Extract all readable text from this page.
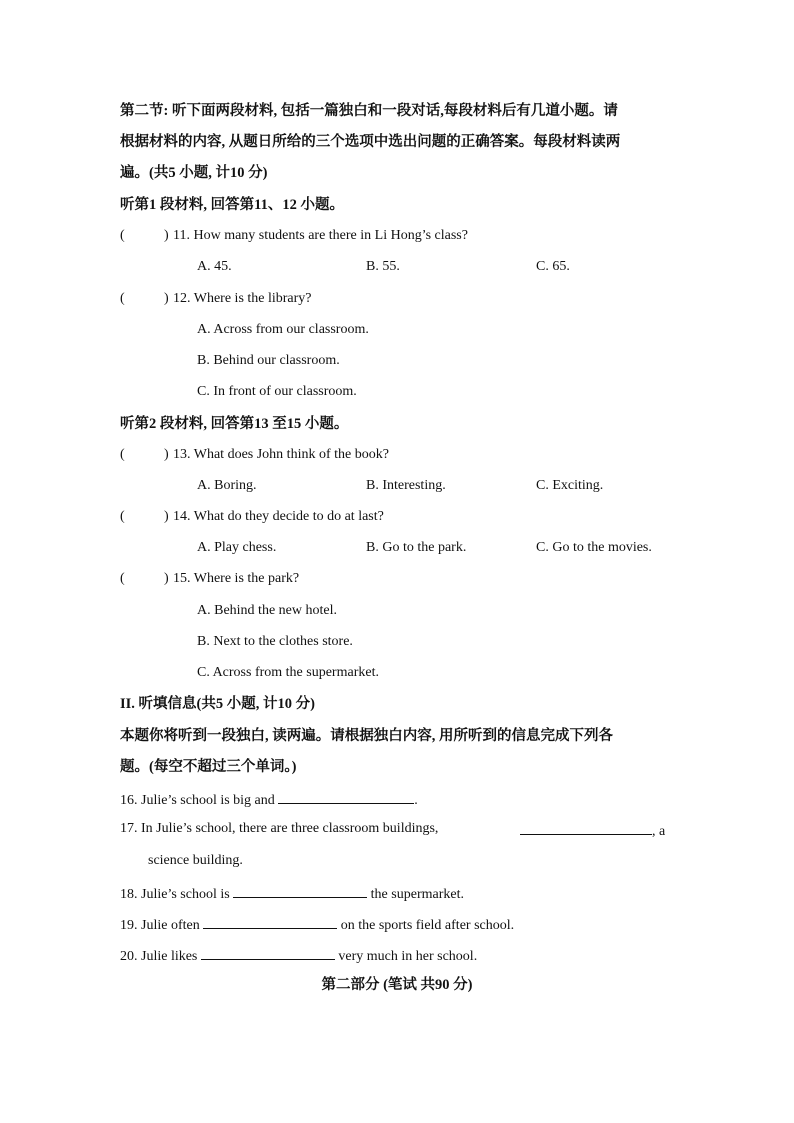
第二节: 听下面两段材料, 包括一篇独白和一段对话,每段材料后有几道小题。请
根据材料的内容, 从题日所给的三个选项中选出问题的正确答案。每段材料读两
遍。(共5 小题, 计10 分)
听第1 段材料, 回答第11、12 小题。
(	) 11. How many students are there in Li Hong’s class?
A. 45.	B. 55.	C. 65.
(	) 12. Where is the library?
A. Across from our classroom.
B. Behind our classroom.
C. In front of our classroom.
听第2 段材料, 回答第13 至15 小题。
(	) 13. What does John think of the book?
A. Boring.	B. Interesting.	C. Exciting.
(	) 14. What do they decide to do at last?
A. Play chess.	B. Go to the park.	C. Go to the movies.
(	) 15. Where is the park?
A. Behind the new hotel.
B. Next to the clothes store.
C. Across from the supermarket.
II. 听填信息(共5 小题, 计10 分)
本题你将听到一段独白, 读两遍。请根据独白内容, 用所听到的信息完成下列各
题。(每空不超过三个单词。)
16. Julie’s school is big and	.
17. In Julie’s school, there are three classroom buildings,	, a
science building.
18. Julie’s school is	the supermarket.
19. Julie often	on the sports field after school.
20. Julie likes	very much in her school.
第二部分 (笔试 共90 分)
